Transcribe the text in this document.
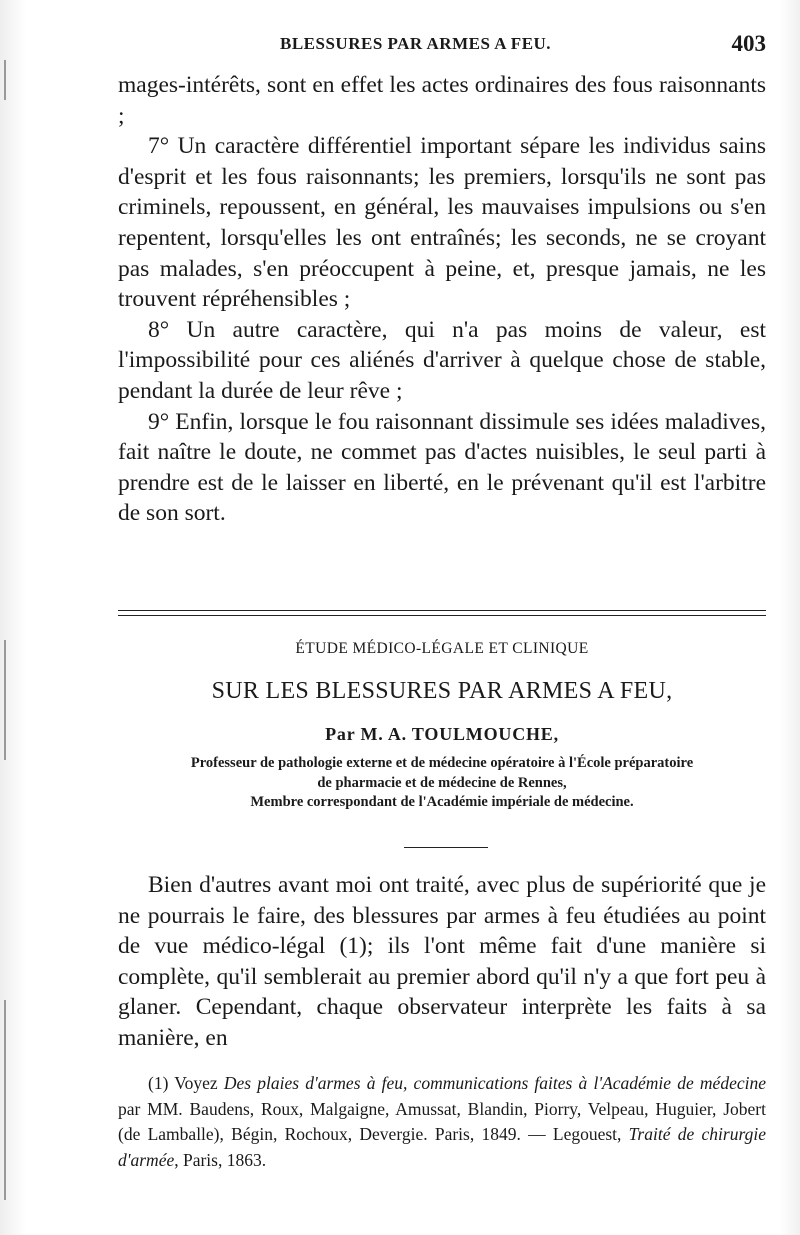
BLESSURES PAR ARMES A FEU.	403

mages-intérêts, sont en effet les actes ordinaires des fous raisonnants ;

7° Un caractère différentiel important sépare les individus sains d'esprit et les fous raisonnants; les premiers, lorsqu'ils ne sont pas criminels, repoussent, en général, les mauvaises impulsions ou s'en repentent, lorsqu'elles les ont entraînés; les seconds, ne se croyant pas malades, s'en préoccupent à peine, et, presque jamais, ne les trouvent répréhensibles ;

8° Un autre caractère, qui n'a pas moins de valeur, est l'impossibilité pour ces aliénés d'arriver à quelque chose de stable, pendant la durée de leur rêve ;

9° Enfin, lorsque le fou raisonnant dissimule ses idées maladives, fait naître le doute, ne commet pas d'actes nuisibles, le seul parti à prendre est de le laisser en liberté, en le prévenant qu'il est l'arbitre de son sort.

ÉTUDE MÉDICO-LÉGALE ET CLINIQUE
SUR LES BLESSURES PAR ARMES A FEU,
Par M. A. TOULMOUCHE,
Professeur de pathologie externe et de médecine opératoire à l'École préparatoire
de pharmacie et de médecine de Rennes,
Membre correspondant de l'Académie impériale de médecine.

Bien d'autres avant moi ont traité, avec plus de supériorité que je ne pourrais le faire, des blessures par armes à feu étudiées au point de vue médico-légal (1); ils l'ont même fait d'une manière si complète, qu'il semblerait au premier abord qu'il n'y a que fort peu à glaner. Cependant, chaque observateur interprète les faits à sa manière, en

(1) Voyez Des plaies d'armes à feu, communications faites à l'Académie de médecine par MM. Baudens, Roux, Malgaigne, Amussat, Blandin, Piorry, Velpeau, Huguier, Jobert (de Lamballe), Bégin, Rochoux, Devergie. Paris, 1849. — Legouest, Traité de chirurgie d'armée, Paris, 1863.
